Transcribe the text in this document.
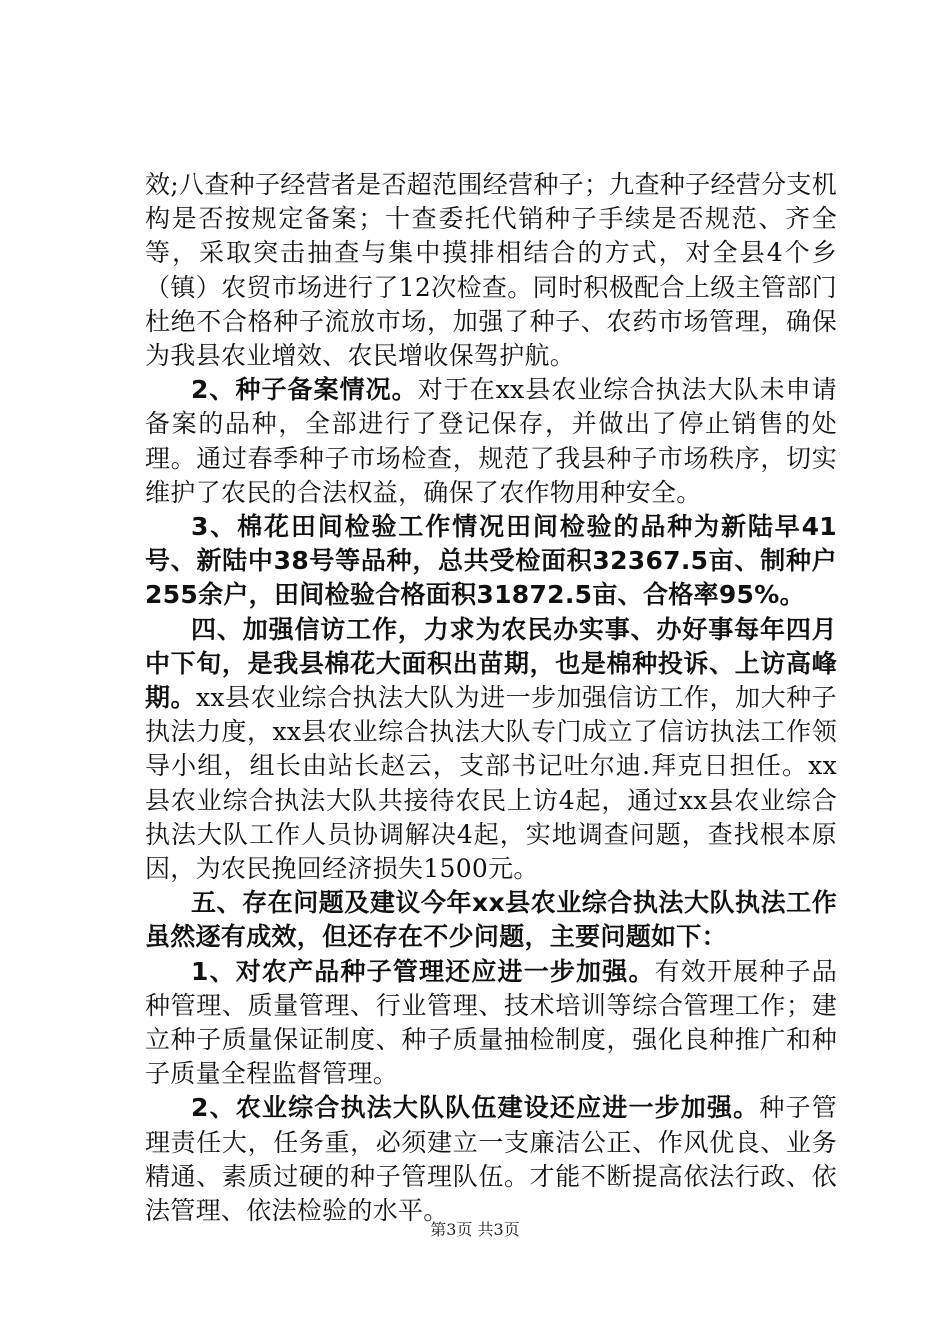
效;八查种子经营者是否超范围经营种子；九查种子经营分支机构是否按规定备案；十查委托代销种子手续是否规范、齐全等，采取突击抽查与集中摸排相结合的方式，对全县4个乡（镇）农贸市场进行了12次检查。同时积极配合上级主管部门杜绝不合格种子流放市场，加强了种子、农药市场管理，确保为我县农业增效、农民增收保驾护航。

2、种子备案情况。对于在xx县农业综合执法大队未申请备案的品种，全部进行了登记保存，并做出了停止销售的处理。通过春季种子市场检查，规范了我县种子市场秩序，切实维护了农民的合法权益，确保了农作物用种安全。

3、棉花田间检验工作情况田间检验的品种为新陆早41号、新陆中38号等品种，总共受检面积32367.5亩、制种户255余户，田间检验合格面积31872.5亩、合格率95%。

四、加强信访工作，力求为农民办实事、办好事每年四月中下旬，是我县棉花大面积出苗期，也是棉种投诉、上访高峰期。xx县农业综合执法大队为进一步加强信访工作，加大种子执法力度，xx县农业综合执法大队专门成立了信访执法工作领导小组，组长由站长赵云，支部书记吐尔迪.拜克日担任。xx县农业综合执法大队共接待农民上访4起，通过xx县农业综合执法大队工作人员协调解决4起，实地调查问题，查找根本原因，为农民挽回经济损失1500元。

五、存在问题及建议今年xx县农业综合执法大队执法工作虽然逐有成效，但还存在不少问题，主要问题如下：

1、对农产品种子管理还应进一步加强。有效开展种子品种管理、质量管理、行业管理、技术培训等综合管理工作；建立种子质量保证制度、种子质量抽检制度，强化良种推广和种子质量全程监督管理。

2、农业综合执法大队队伍建设还应进一步加强。种子管理责任大，任务重，必须建立一支廉洁公正、作风优良、业务精通、素质过硬的种子管理队伍。才能不断提高依法行政、依法管理、依法检验的水平。

第3页 共3页
